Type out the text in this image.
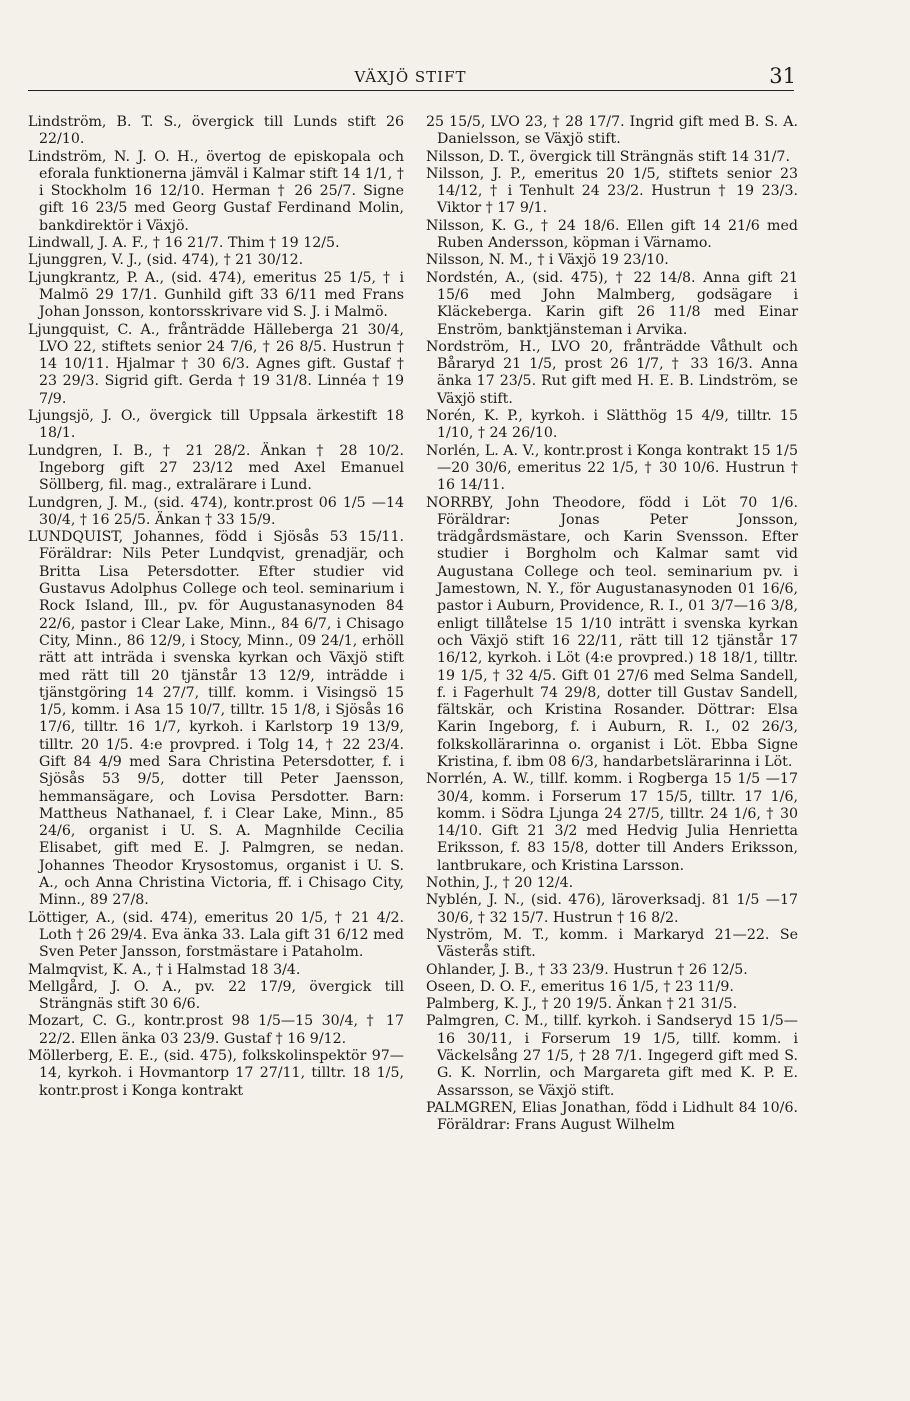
VÄXJÖ STIFT	31

Lindström, B. T. S., övergick till Lunds stift 26 22/10.

Lindström, N. J. O. H., övertog de episkopala och eforala funktionerna jämväl i Kalmar stift 14 1/1, † i Stockholm 16 12/10. Herman † 26 25/7. Signe gift 16 23/5 med Georg Gustaf Ferdinand Molin, bankdirektör i Växjö.

Lindwall, J. A. F., † 16 21/7. Thim † 19 12/5.

Ljunggren, V. J., (sid. 474), † 21 30/12.

Ljungkrantz, P. A., (sid. 474), emeritus 25 1/5, † i Malmö 29 17/1. Gunhild gift 33 6/11 med Frans Johan Jonsson, kontorsskrivare vid S. J. i Malmö.

Ljungquist, C. A., frånträdde Hälleberga 21 30/4, LVO 22, stiftets senior 24 7/6, † 26 8/5. Hustrun † 14 10/11. Hjalmar † 30 6/3. Agnes gift. Gustaf † 23 29/3. Sigrid gift. Gerda † 19 31/8. Linnéa † 19 7/9.

Ljungsjö, J. O., övergick till Uppsala ärkestift 18 18/1.

Lundgren, I. B., † 21 28/2. Änkan † 28 10/2. Ingeborg gift 27 23/12 med Axel Emanuel Söllberg, fil. mag., extralärare i Lund.

Lundgren, J. M., (sid. 474), kontr.prost 06 1/5 —14 30/4, † 16 25/5. Änkan † 33 15/9.

LUNDQUIST, Johannes, född i Sjösås 53 15/11. Föräldrar: Nils Peter Lundqvist, grenadjär, och Britta Lisa Petersdotter. Efter studier vid Gustavus Adolphus College och teol. seminarium i Rock Island, Ill., pv. för Augustanasynoden 84 22/6, pastor i Clear Lake, Minn., 84 6/7, i Chisago City, Minn., 86 12/9, i Stocy, Minn., 09 24/1, erhöll rätt att inträda i svenska kyrkan och Växjö stift med rätt till 20 tjänstår 13 12/9, inträdde i tjänstgöring 14 27/7, tillf. komm. i Visingsö 15 1/5, komm. i Asa 15 10/7, tilltr. 15 1/8, i Sjösås 16 17/6, tilltr. 16 1/7, kyrkoh. i Karlstorp 19 13/9, tilltr. 20 1/5. 4:e provpred. i Tolg 14, † 22 23/4. Gift 84 4/9 med Sara Christina Petersdotter, f. i Sjösås 53 9/5, dotter till Peter Jaensson, hemmansägare, och Lovisa Persdotter. Barn: Mattheus Nathanael, f. i Clear Lake, Minn., 85 24/6, organist i U. S. A. Magnhilde Cecilia Elisabet, gift med E. J. Palmgren, se nedan. Johannes Theodor Krysostomus, organist i U. S. A., och Anna Christina Victoria, ff. i Chisago City, Minn., 89 27/8.

Löttiger, A., (sid. 474), emeritus 20 1/5, † 21 4/2. Loth † 26 29/4. Eva änka 33. Lala gift 31 6/12 med Sven Peter Jansson, forstmästare i Pataholm.

Malmqvist, K. A., † i Halmstad 18 3/4.

Mellgård, J. O. A., pv. 22 17/9, övergick till Strängnäs stift 30 6/6.

Mozart, C. G., kontr.prost 98 1/5—15 30/4, † 17 22/2. Ellen änka 03 23/9. Gustaf † 16 9/12.

Möllerberg, E. E., (sid. 475), folkskolinspektör 97—14, kyrkoh. i Hovmantorp 17 27/11, tilltr. 18 1/5, kontr.prost i Konga kontrakt

25 15/5, LVO 23, † 28 17/7. Ingrid gift med B. S. A. Danielsson, se Växjö stift.

Nilsson, D. T., övergick till Strängnäs stift 14 31/7.

Nilsson, J. P., emeritus 20 1/5, stiftets senior 23 14/12, † i Tenhult 24 23/2. Hustrun † 19 23/3. Viktor † 17 9/1.

Nilsson, K. G., † 24 18/6. Ellen gift 14 21/6 med Ruben Andersson, köpman i Värnamo.

Nilsson, N. M., † i Växjö 19 23/10.

Nordstén, A., (sid. 475), † 22 14/8. Anna gift 21 15/6 med John Malmberg, godsägare i Kläckeberga. Karin gift 26 11/8 med Einar Enström, banktjänsteman i Arvika.

Nordström, H., LVO 20, frånträdde Våthult och Båraryd 21 1/5, prost 26 1/7, † 33 16/3. Anna änka 17 23/5. Rut gift med H. E. B. Lindström, se Växjö stift.

Norén, K. P., kyrkoh. i Slätthög 15 4/9, tilltr. 15 1/10, † 24 26/10.

Norlén, L. A. V., kontr.prost i Konga kontrakt 15 1/5—20 30/6, emeritus 22 1/5, † 30 10/6. Hustrun † 16 14/11.

NORRBY, John Theodore, född i Löt 70 1/6. Föräldrar: Jonas Peter Jonsson, trädgårdsmästare, och Karin Svensson. Efter studier i Borgholm och Kalmar samt vid Augustana College och teol. seminarium pv. i Jamestown, N. Y., för Augustanasynoden 01 16/6, pastor i Auburn, Providence, R. I., 01 3/7—16 3/8, enligt tillåtelse 15 1/10 inträtt i svenska kyrkan och Växjö stift 16 22/11, rätt till 12 tjänstår 17 16/12, kyrkoh. i Löt (4:e provpred.) 18 18/1, tilltr. 19 1/5, † 32 4/5. Gift 01 27/6 med Selma Sandell, f. i Fagerhult 74 29/8, dotter till Gustav Sandell, fältskär, och Kristina Rosander. Döttrar: Elsa Karin Ingeborg, f. i Auburn, R. I., 02 26/3, folkskollärarinna o. organist i Löt. Ebba Signe Kristina, f. ibm 08 6/3, handarbetslärarinna i Löt.

Norrlén, A. W., tillf. komm. i Rogberga 15 1/5 —17 30/4, komm. i Forserum 17 15/5, tilltr. 17 1/6, komm. i Södra Ljunga 24 27/5, tilltr. 24 1/6, † 30 14/10. Gift 21 3/2 med Hedvig Julia Henrietta Eriksson, f. 83 15/8, dotter till Anders Eriksson, lantbrukare, och Kristina Larsson.

Nothin, J., † 20 12/4.

Nyblén, J. N., (sid. 476), läroverksadj. 81 1/5 —17 30/6, † 32 15/7. Hustrun † 16 8/2.

Nyström, M. T., komm. i Markaryd 21—22. Se Västerås stift.

Ohlander, J. B., † 33 23/9. Hustrun † 26 12/5.

Oseen, D. O. F., emeritus 16 1/5, † 23 11/9.

Palmberg, K. J., † 20 19/5. Änkan † 21 31/5.

Palmgren, C. M., tillf. kyrkoh. i Sandseryd 15 1/5—16 30/11, i Forserum 19 1/5, tillf. komm. i Väckelsång 27 1/5, † 28 7/1. Ingegerd gift med S. G. K. Norrlin, och Margareta gift med K. P. E. Assarsson, se Växjö stift.

PALMGREN, Elias Jonathan, född i Lidhult 84 10/6. Föräldrar: Frans August Wilhelm
